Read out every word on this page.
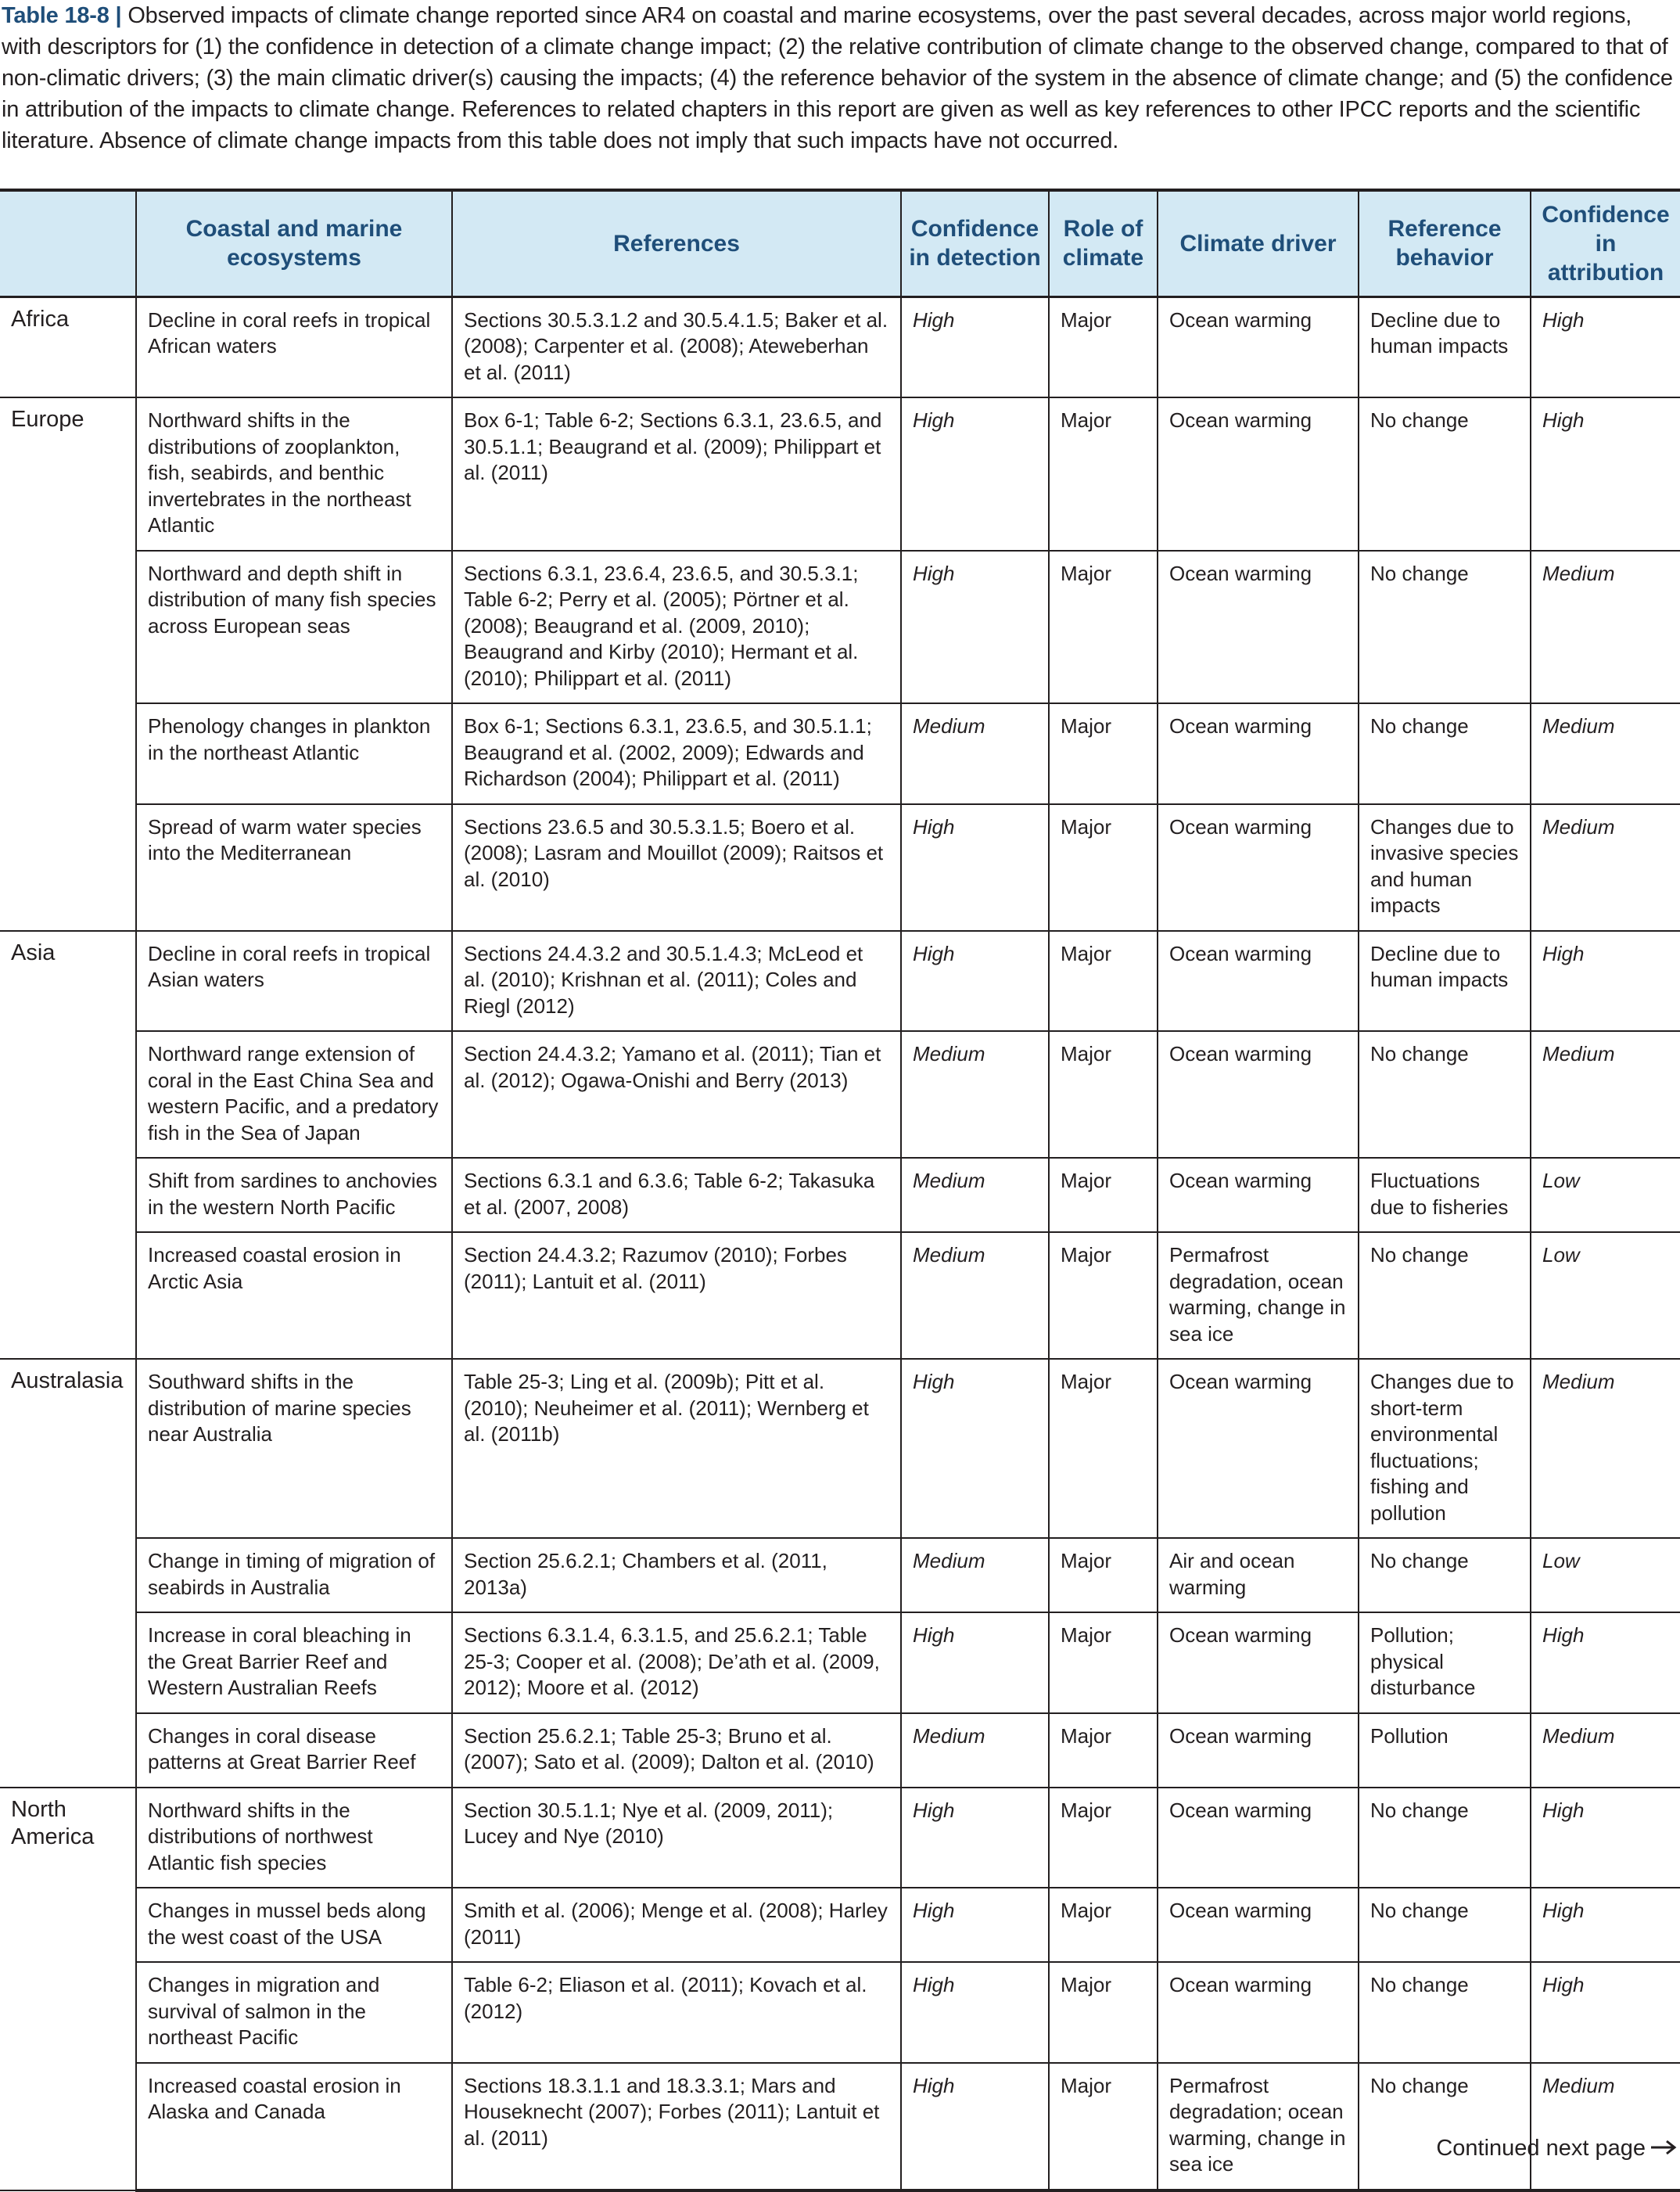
Table 18-8 | Observed impacts of climate change reported since AR4 on coastal and marine ecosystems, over the past several decades, across major world regions, with descriptors for (1) the confidence in detection of a climate change impact; (2) the relative contribution of climate change to the observed change, compared to that of non-climatic drivers; (3) the main climatic driver(s) causing the impacts; (4) the reference behavior of the system in the absence of climate change; and (5) the confidence in attribution of the impacts to climate change. References to related chapters in this report are given as well as key references to other IPCC reports and the scientific literature. Absence of climate change impacts from this table does not imply that such impacts have not occurred.
	Coastal and marine ecosystems	References	Confidence in detection	Role of climate	Climate driver	Reference behavior	Confidence in attribution
Africa	Decline in coral reefs in tropical African waters	Sections 30.5.3.1.2 and 30.5.4.1.5; Baker et al. (2008); Carpenter et al. (2008); Ateweberhan et al. (2011)	High	Major	Ocean warming	Decline due to human impacts	High
Europe	Northward shifts in the distributions of zooplankton, fish, seabirds, and benthic invertebrates in the northeast Atlantic	Box 6-1; Table 6-2; Sections 6.3.1, 23.6.5, and 30.5.1.1; Beaugrand et al. (2009); Philippart et al. (2011)	High	Major	Ocean warming	No change	High
	Northward and depth shift in distribution of many fish species across European seas	Sections 6.3.1, 23.6.4, 23.6.5, and 30.5.3.1; Table 6-2; Perry et al. (2005); Pörtner et al. (2008); Beaugrand et al. (2009, 2010); Beaugrand and Kirby (2010); Hermant et al. (2010); Philippart et al. (2011)	High	Major	Ocean warming	No change	Medium
	Phenology changes in plankton in the northeast Atlantic	Box 6-1; Sections 6.3.1, 23.6.5, and 30.5.1.1; Beaugrand et al. (2002, 2009); Edwards and Richardson (2004); Philippart et al. (2011)	Medium	Major	Ocean warming	No change	Medium
	Spread of warm water species into the Mediterranean	Sections 23.6.5 and 30.5.3.1.5; Boero et al. (2008); Lasram and Mouillot (2009); Raitsos et al. (2010)	High	Major	Ocean warming	Changes due to invasive species and human impacts	Medium
Asia	Decline in coral reefs in tropical Asian waters	Sections 24.4.3.2 and 30.5.1.4.3; McLeod et al. (2010); Krishnan et al. (2011); Coles and Riegl (2012)	High	Major	Ocean warming	Decline due to human impacts	High
	Northward range extension of coral in the East China Sea and western Pacific, and a predatory fish in the Sea of Japan	Section 24.4.3.2; Yamano et al. (2011); Tian et al. (2012); Ogawa-Onishi and Berry (2013)	Medium	Major	Ocean warming	No change	Medium
	Shift from sardines to anchovies in the western North Pacific	Sections 6.3.1 and 6.3.6; Table 6-2; Takasuka et al. (2007, 2008)	Medium	Major	Ocean warming	Fluctuations due to fisheries	Low
	Increased coastal erosion in Arctic Asia	Section 24.4.3.2; Razumov (2010); Forbes (2011); Lantuit et al. (2011)	Medium	Major	Permafrost degradation, ocean warming, change in sea ice	No change	Low
Australasia	Southward shifts in the distribution of marine species near Australia	Table 25-3; Ling et al. (2009b); Pitt et al. (2010); Neuheimer et al. (2011); Wernberg et al. (2011b)	High	Major	Ocean warming	Changes due to short-term environmental fluctuations; fishing and pollution	Medium
	Change in timing of migration of seabirds in Australia	Section 25.6.2.1; Chambers et al. (2011, 2013a)	Medium	Major	Air and ocean warming	No change	Low
	Increase in coral bleaching in the Great Barrier Reef and Western Australian Reefs	Sections 6.3.1.4, 6.3.1.5, and 25.6.2.1; Table 25-3; Cooper et al. (2008); De’ath et al. (2009, 2012); Moore et al. (2012)	High	Major	Ocean warming	Pollution; physical disturbance	High
	Changes in coral disease patterns at Great Barrier Reef	Section 25.6.2.1; Table 25-3; Bruno et al. (2007); Sato et al. (2009); Dalton et al. (2010)	Medium	Major	Ocean warming	Pollution	Medium
North America	Northward shifts in the distributions of northwest Atlantic fish species	Section 30.5.1.1; Nye et al. (2009, 2011); Lucey and Nye (2010)	High	Major	Ocean warming	No change	High
	Changes in mussel beds along the west coast of the USA	Smith et al. (2006); Menge et al. (2008); Harley (2011)	High	Major	Ocean warming	No change	High
	Changes in migration and survival of salmon in the northeast Pacific	Table 6-2; Eliason et al. (2011); Kovach et al. (2012)	High	Major	Ocean warming	No change	High
	Increased coastal erosion in Alaska and Canada	Sections 18.3.1.1 and 18.3.3.1; Mars and Houseknecht (2007); Forbes (2011); Lantuit et al. (2011)	High	Major	Permafrost degradation; ocean warming, change in sea ice	No change	Medium
Continued next page
